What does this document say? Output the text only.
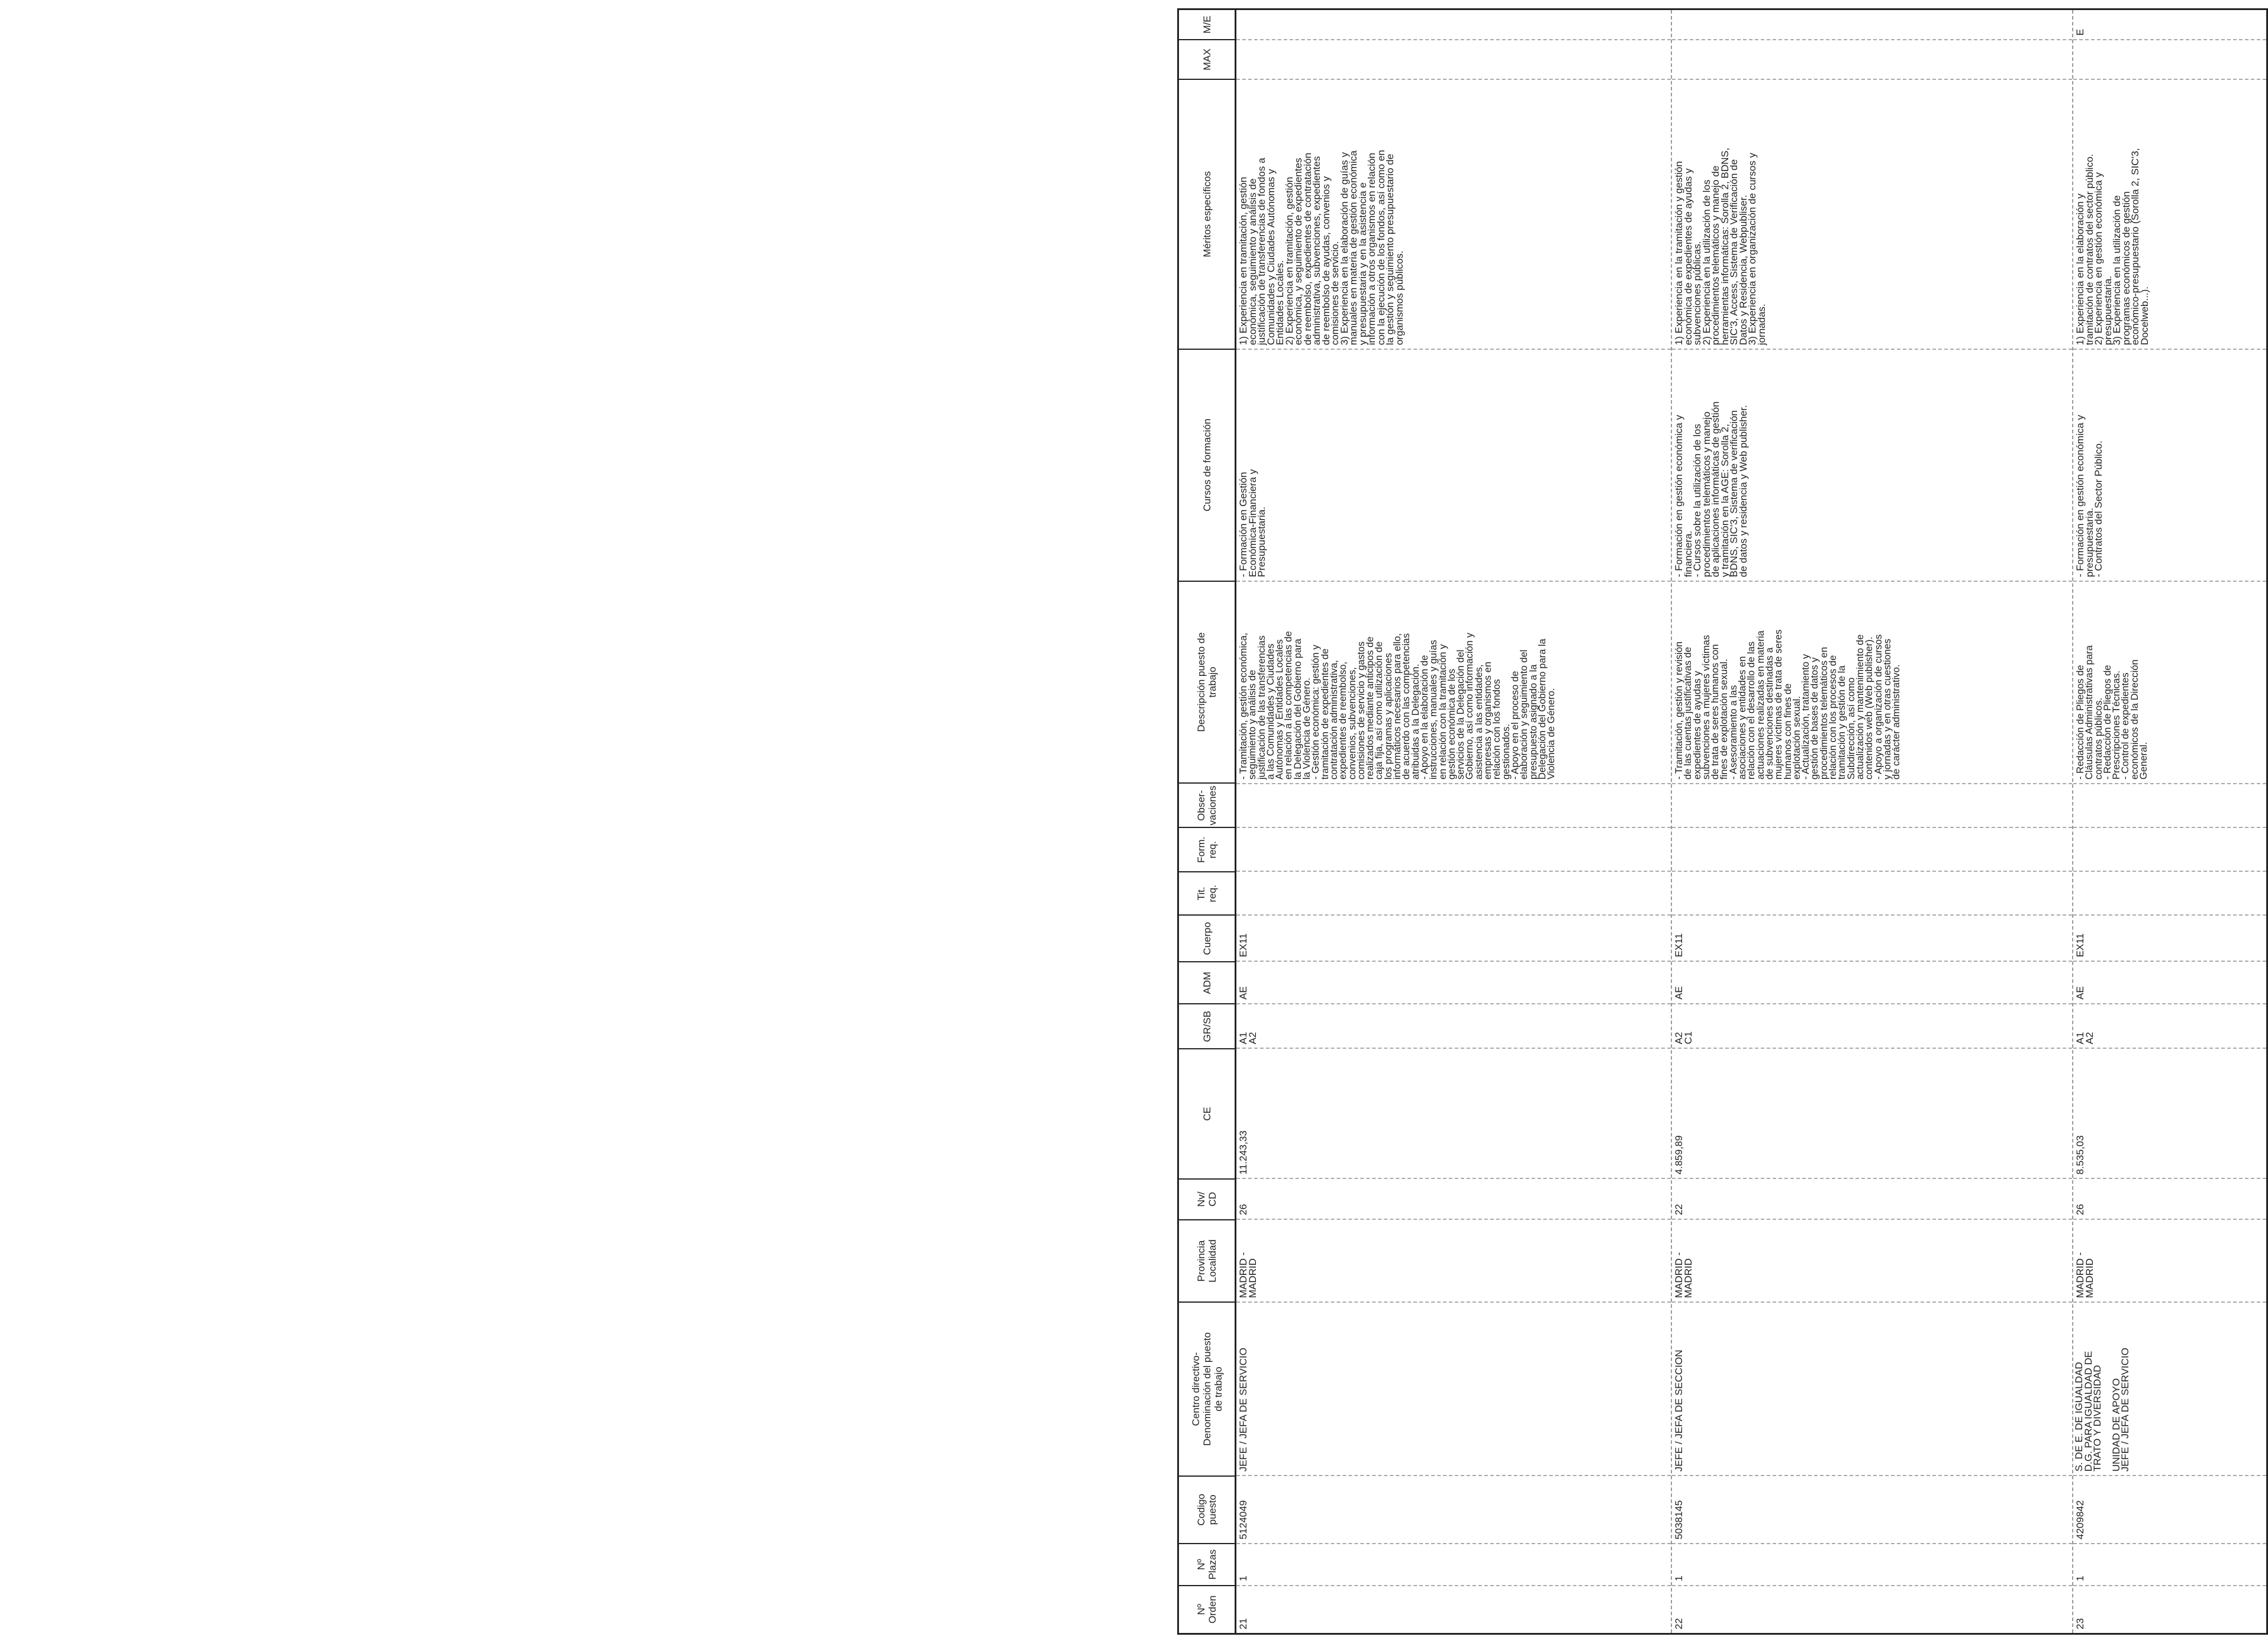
Nº
Orden
Nº
Plazas
Codigo
puesto
Centro directivo-
Denominación del puesto
de trabajo
Provincia
Localidad
Nv/
CD
CE
GR/SB
ADM
Cuerpo
Tit.
req.
Form.
req.
Obser-
vaciones
Descripción puesto de
trabajo
Cursos de formación
Méritos específicos
MAX
M/E
21
1
5124049
JEFE / JEFA DE SERVICIO
MADRID -
MADRID
26
11.243,33
A1
A2
AE
EX11
- Tramitación, gestión económica,
seguimiento y análisis de
justificación de las transferencias
a las Comunidades y Ciudades
Autónomas y Entidades Locales
en relación a las competencias de
la Delegación del Gobierno para
la Violencia de Género.
- Gestión económica: gestión y
tramitación de expedientes de
contratación administrativa,
expedientes de reembolso,
convenios, subvenciones,
comisiones de servicio y gastos
realizados mediante anticipos de
caja fija, así como utilización de
los programas y aplicaciones
informáticos necesarios para ello,
de acuerdo con las competencias
atribuidas a la Delegación.
- Apoyo en la elaboración de
instrucciones, manuales y guías
en relación con la tramitación y
gestión económica de los
servicios de la Delegación del
Gobierno, así como información y
asistencia a las entidades,
empresas y organismos en
relación con los fondos
gestionados.
- Apoyo en el proceso de
elaboración y seguimiento del
presupuesto asignado a la
Delegación del Gobierno para la
Violencia de Género.
- Formación en Gestión
Económica-Financiera y
Presupuestaria.
1) Experiencia en tramitación, gestión
económica, seguimiento y análisis de
justificación de transferencias de fondos a
Comunidades y Ciudades Autónomas y
Entidades Locales.
2) Experiencia en tramitación, gestión
económica, y seguimiento de expedientes
de reembolso, expedientes de contratación
administrativa, subvenciones, expedientes
de reembolso de ayudas, convenios y
comisiones de servicio.
3) Experiencia en la elaboración de guías y
manuales en materia de gestión económica
y presupuestaria y en la asistencia e
información a otros organismos en relación
con la ejecución de los fondos, así como en
la gestión y seguimiento presupuestario de
organismos públicos.
22
1
5038145
JEFE / JEFA DE SECCION
MADRID -
MADRID
22
4.859,89
A2
C1
AE
EX11
- Tramitación, gestión y revisión
de las cuentas justificativas de
expedientes de ayudas y
subvenciones a mujeres víctimas
de trata de seres humanos con
fines de explotación sexual.
- Asesoramiento a las
asociaciones y entidades en
relación con el desarrollo de las
actuaciones realizadas en materia
de subvenciones destinadas a
mujeres víctimas de trata de seres
humanos con fines de
explotación sexual.
- Actualización, tratamiento y
gestión de bases de datos y
procedimientos telemáticos en
relación con los procesos de
tramitación y gestión de la
Subdirección, así como
actualización y mantenimiento de
contenidos web (Web publisher).
- Apoyo a organización de cursos
y jornadas y en otras cuestiones
de carácter administrativo.
- Formación en gestión económica y
financiera.
- Cursos sobre la utilización de los
procedimientos telemáticos y manejo
de aplicaciones informáticas de gestión
y tramitación en la AGE: Sorolla 2,
BDNS, SIC'3, Sistema de verificación
de datos y residencia y Web publisher.
1) Experiencia en la tramitación y gestión
económica de expedientes de ayudas y
subvenciones públicas.
2) Experiencia en la utilización de los
procedimientos telemáticos y manejo de
herramientas informáticas: Sorolla 2, BDNS,
SIC'3, Access, Sistema de Verificación de
Datos y Residencia, Webpubliser.
3) Experiencia en organización de cursos y
jornadas.
23
1
4209842
S. DE E. DE IGUALDAD
D.G. PARA IGUALDAD DE
TRATO Y DIVERSIDAD UNIDAD DE APOYO
JEFE / JEFA DE SERVICIO
MADRID -
MADRID
26
8.535,03
A1
A2
AE
EX11
- Redacción de Pliegos de
Cláusulas Administrativas para
contratos públicos.
- Redacción de Pliegos de
Prescripciones Técnicas.
- Control de expedientes
económicos de la Dirección
General.
- Formación en gestión económica y
presupuestaria.
- Contratos del Sector Público.
1) Experiencia en la elaboración y
tramitación de contratos del sector público.
2) Experiencia en gestión económica y
presupuestaria.
3) Experiencia en la utilización de
programas económicos de gestión
económico-presupuestario (Sorolla 2, SIC'3,
Docelweb...).
E
